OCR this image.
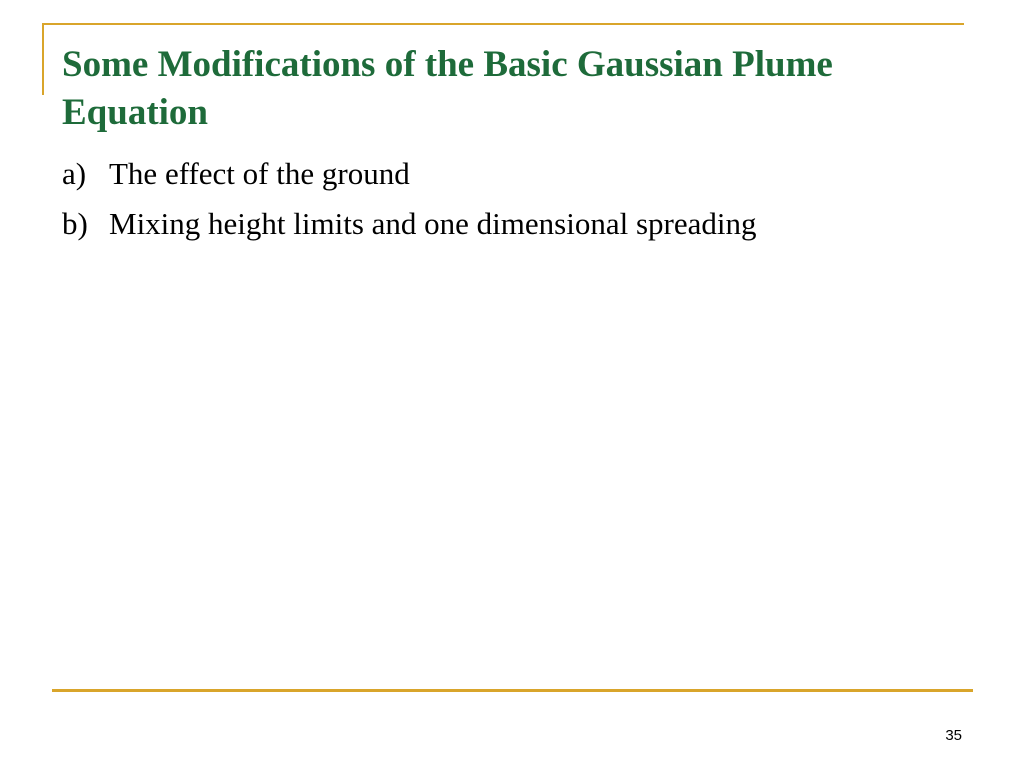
Some Modifications of the Basic Gaussian Plume Equation
a) The effect of the ground
b) Mixing height limits and one dimensional spreading
35
